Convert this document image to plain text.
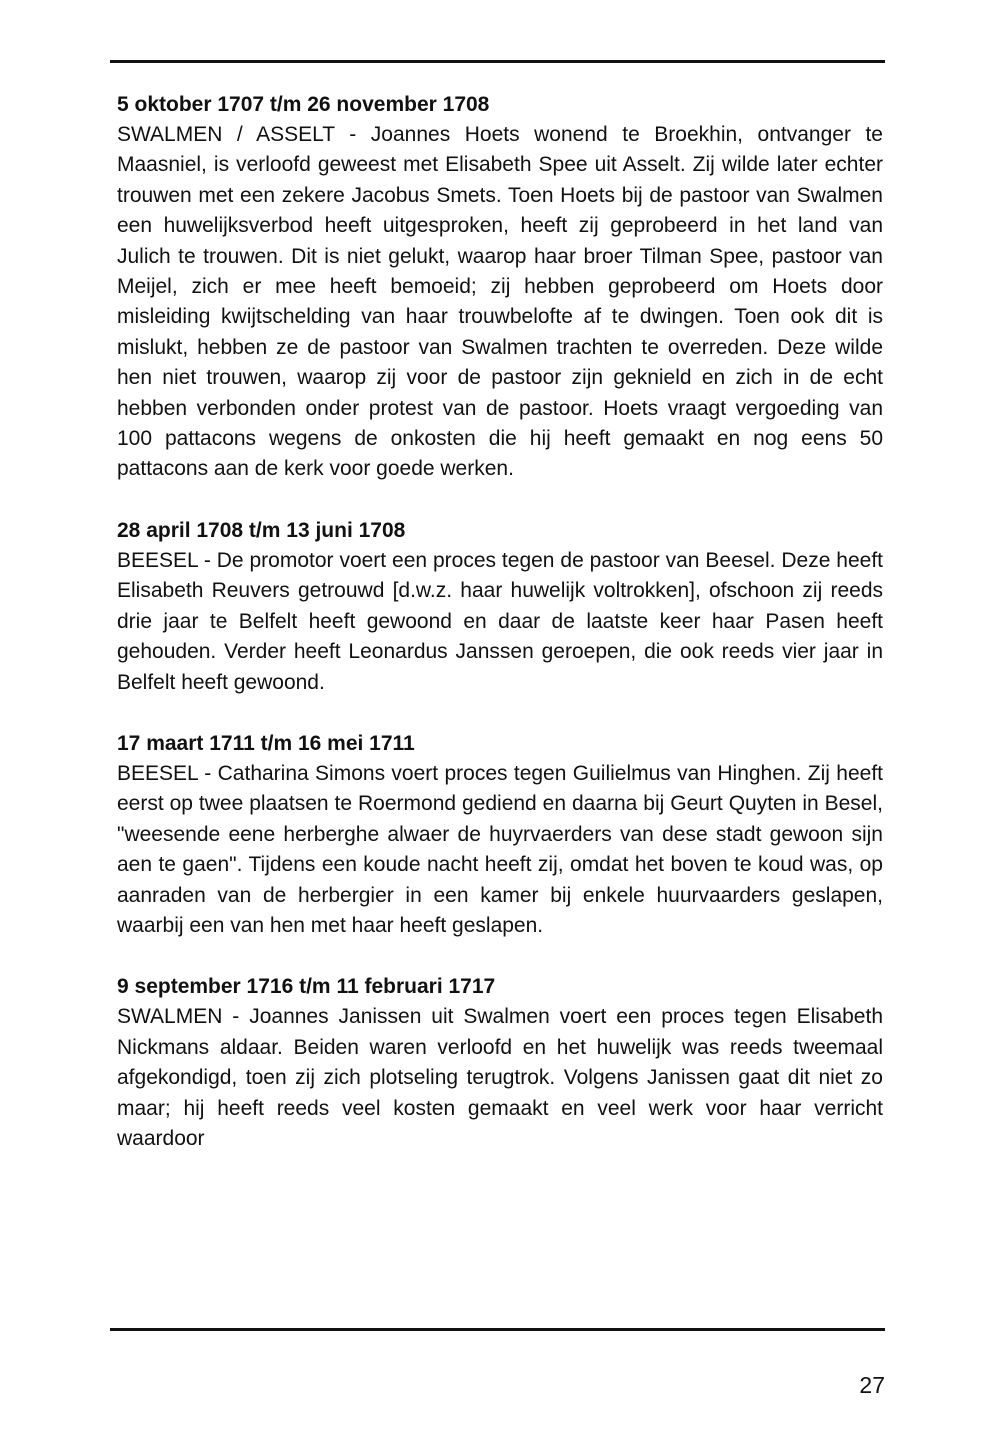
5 oktober 1707 t/m 26 november 1708

SWALMEN / ASSELT - Joannes Hoets wonend te Broekhin, ontvanger te Maasniel, is verloofd geweest met Elisabeth Spee uit Asselt. Zij wilde later echter trouwen met een zekere Jacobus Smets. Toen Hoets bij de pastoor van Swalmen een huwelijksverbod heeft uitgesproken, heeft zij geprobeerd in het land van Julich te trouwen. Dit is niet gelukt, waarop haar broer Tilman Spee, pastoor van Meijel, zich er mee heeft bemoeid; zij hebben geprobeerd om Hoets door misleiding kwijtschelding van haar trouwbelofte af te dwingen. Toen ook dit is mislukt, hebben ze de pastoor van Swalmen trachten te overreden. Deze wilde hen niet trouwen, waarop zij voor de pastoor zijn geknield en zich in de echt hebben verbonden onder protest van de pastoor. Hoets vraagt vergoeding van 100 pattacons wegens de onkosten die hij heeft gemaakt en nog eens 50 pattacons aan de kerk voor goede werken.

28 april 1708 t/m 13 juni 1708

BEESEL - De promotor voert een proces tegen de pastoor van Beesel. Deze heeft Elisabeth Reuvers getrouwd [d.w.z. haar huwelijk voltrokken], ofschoon zij reeds drie jaar te Belfelt heeft gewoond en daar de laatste keer haar Pasen heeft gehouden. Verder heeft Leonardus Janssen geroepen, die ook reeds vier jaar in Belfelt heeft gewoond.

17 maart 1711 t/m 16 mei 1711

BEESEL - Catharina Simons voert proces tegen Guilielmus van Hinghen. Zij heeft eerst op twee plaatsen te Roermond gediend en daarna bij Geurt Quyten in Besel, "weesende eene herberghe alwaer de huyrvaerders van dese stadt gewoon sijn aen te gaen". Tijdens een koude nacht heeft zij, omdat het boven te koud was, op aanraden van de herbergier in een kamer bij enkele huurvaarders geslapen, waarbij een van hen met haar heeft geslapen.

9 september 1716 t/m 11 februari 1717

SWALMEN - Joannes Janissen uit Swalmen voert een proces tegen Elisabeth Nickmans aldaar. Beiden waren verloofd en het huwelijk was reeds tweemaal afgekondigd, toen zij zich plotseling terugtrok. Volgens Janissen gaat dit niet zo maar; hij heeft reeds veel kosten gemaakt en veel werk voor haar verricht waardoor

27
